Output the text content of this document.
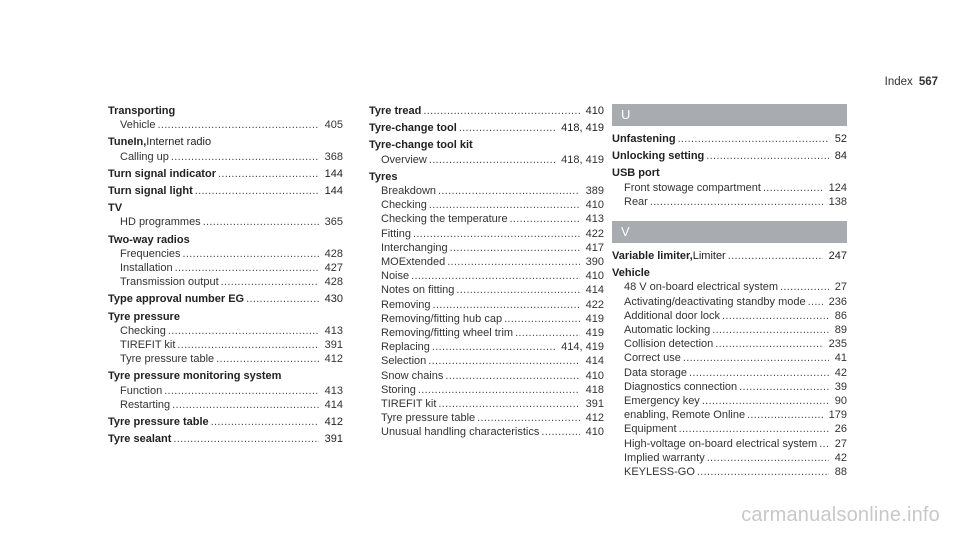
Index 567
Transporting
Vehicle .....	405
TuneIn, Internet radio
Calling up .....	368
Turn signal indicator .....	144
Turn signal light .....	144
TV
HD programmes .....	365
Two-way radios
Frequencies .....	428
Installation .....	427
Transmission output .....	428
Type approval number EG .....	430
Tyre pressure
Checking .....	413
TIREFIT kit .....	391
Tyre pressure table .....	412
Tyre pressure monitoring system
Function .....	413
Restarting .....	414
Tyre pressure table .....	412
Tyre sealant .....	391
Tyre tread .....	410
Tyre-change tool .....	418, 419
Tyre-change tool kit
Overview .....	418, 419
Tyres
Breakdown .....	389
Checking .....	410
Checking the temperature .....	413
Fitting .....	422
Interchanging .....	417
MOExtended .....	390
Noise .....	410
Notes on fitting .....	414
Removing .....	422
Removing/fitting hub cap .....	419
Removing/fitting wheel trim .....	419
Replacing .....	414, 419
Selection .....	414
Snow chains .....	410
Storing .....	418
TIREFIT kit .....	391
Tyre pressure table .....	412
Unusual handling characteristics .....	410
U
Unfastening .....	52
Unlocking setting .....	84
USB port
Front stowage compartment .....	124
Rear .....	138
V
Variable limiter, Limiter .....	247
Vehicle
48 V on-board electrical system .....	27
Activating/deactivating standby mode ..... 236
Additional door lock .....	86
Automatic locking .....	89
Collision detection .....	235
Correct use .....	41
Data storage .....	42
Diagnostics connection .....	39
Emergency key .....	90
enabling, Remote Online .....	179
Equipment .....	26
High-voltage on-board electrical system ..... 27
Implied warranty .....	42
KEYLESS-GO .....	88
carmanualsonline.info
